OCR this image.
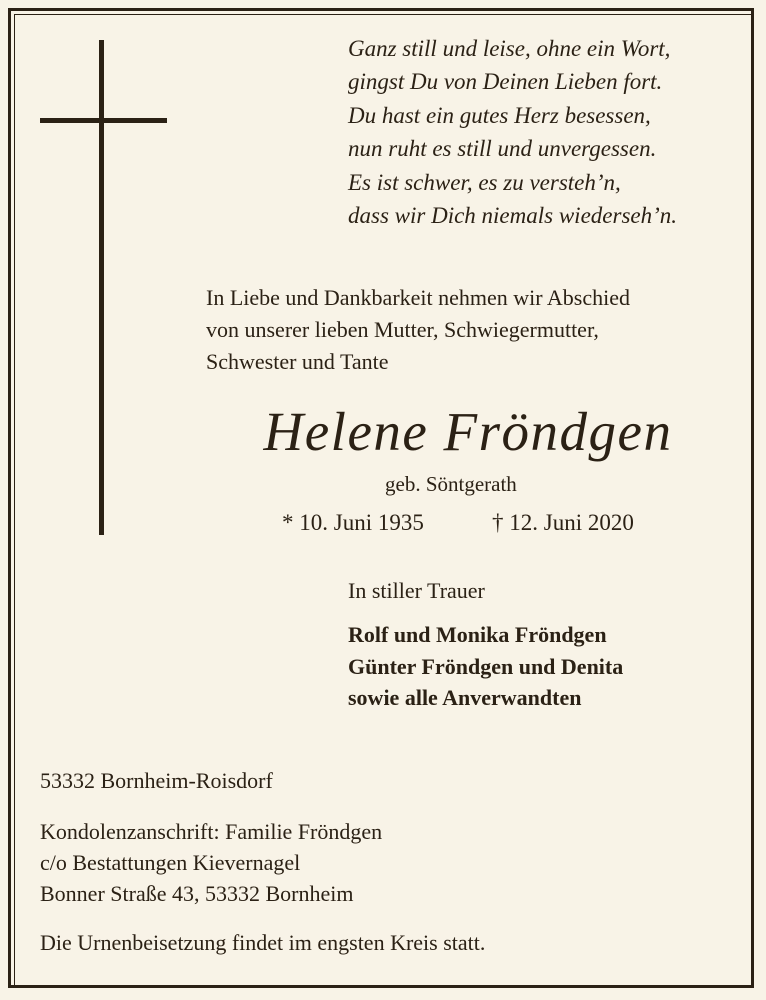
Ganz still und leise, ohne ein Wort,
gingst Du von Deinen Lieben fort.
Du hast ein gutes Herz besessen,
nun ruht es still und unvergessen.
Es ist schwer, es zu versteh’n,
dass wir Dich niemals wiederseh’n.
In Liebe und Dankbarkeit nehmen wir Abschied
von unserer lieben Mutter, Schwiegermutter,
Schwester und Tante
Helene Fröndgen
geb. Söntgerath
* 10. Juni 1935	† 12. Juni 2020
In stiller Trauer
Rolf und Monika Fröndgen
Günter Fröndgen und Denita
sowie alle Anverwandten
53332 Bornheim-Roisdorf
Kondolenzanschrift: Familie Fröndgen
c/o Bestattungen Kievernagel
Bonner Straße 43, 53332 Bornheim
Die Urnenbeisetzung findet im engsten Kreis statt.
